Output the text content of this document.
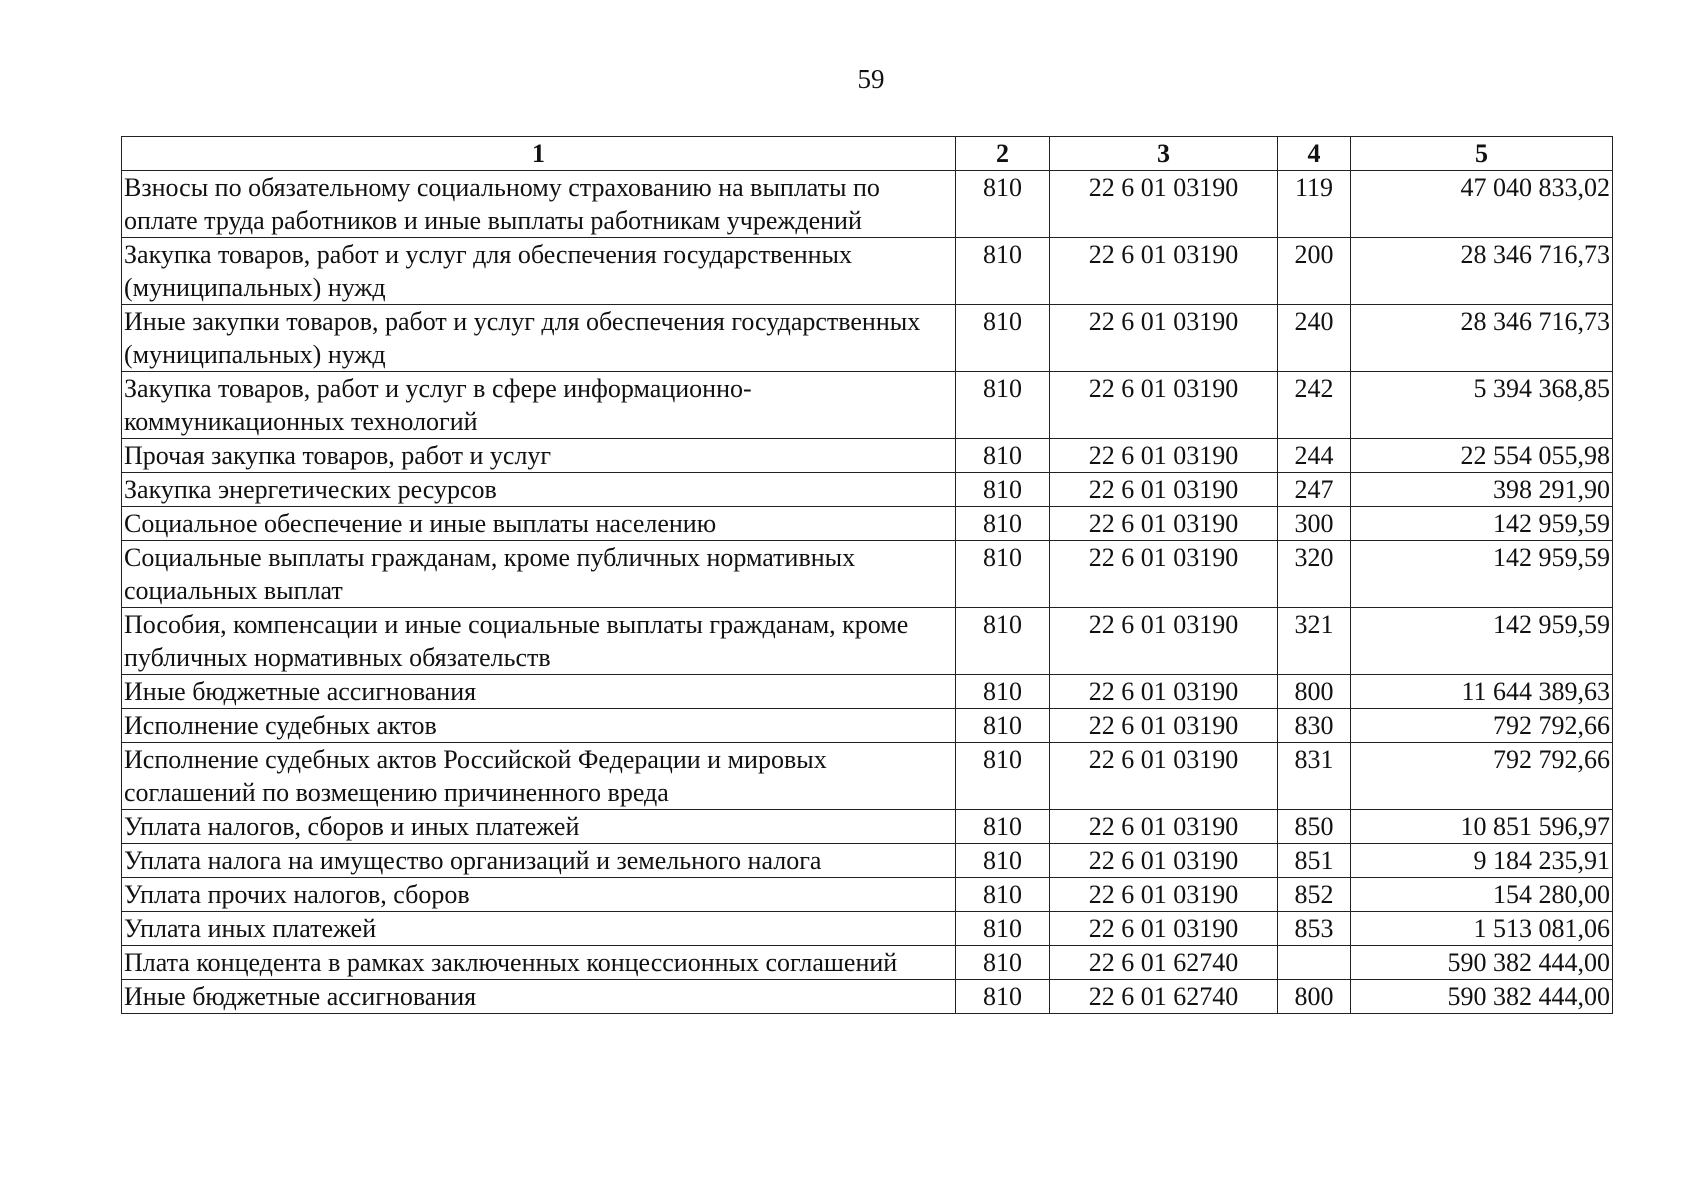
59
1	2	3	4	5
Взносы по обязательному социальному страхованию на выплаты по оплате труда работников и иные выплаты работникам учреждений	810	22 6 01 03190	119	47 040 833,02
Закупка товаров, работ и услуг для обеспечения государственных (муниципальных) нужд	810	22 6 01 03190	200	28 346 716,73
Иные закупки товаров, работ и услуг для обеспечения государственных (муниципальных) нужд	810	22 6 01 03190	240	28 346 716,73
Закупка товаров, работ и услуг в сфере информационно-коммуникационных технологий	810	22 6 01 03190	242	5 394 368,85
Прочая закупка товаров, работ и услуг	810	22 6 01 03190	244	22 554 055,98
Закупка энергетических ресурсов	810	22 6 01 03190	247	398 291,90
Социальное обеспечение и иные выплаты населению	810	22 6 01 03190	300	142 959,59
Социальные выплаты гражданам, кроме публичных нормативных социальных выплат	810	22 6 01 03190	320	142 959,59
Пособия, компенсации и иные социальные выплаты гражданам, кроме публичных нормативных обязательств	810	22 6 01 03190	321	142 959,59
Иные бюджетные ассигнования	810	22 6 01 03190	800	11 644 389,63
Исполнение судебных актов	810	22 6 01 03190	830	792 792,66
Исполнение судебных актов Российской Федерации и мировых соглашений по возмещению причиненного вреда	810	22 6 01 03190	831	792 792,66
Уплата налогов, сборов и иных платежей	810	22 6 01 03190	850	10 851 596,97
Уплата налога на имущество организаций и земельного налога	810	22 6 01 03190	851	9 184 235,91
Уплата прочих налогов, сборов	810	22 6 01 03190	852	154 280,00
Уплата иных платежей	810	22 6 01 03190	853	1 513 081,06
Плата концедента в рамках заключенных концессионных соглашений	810	22 6 01 62740		590 382 444,00
Иные бюджетные ассигнования	810	22 6 01 62740	800	590 382 444,00
